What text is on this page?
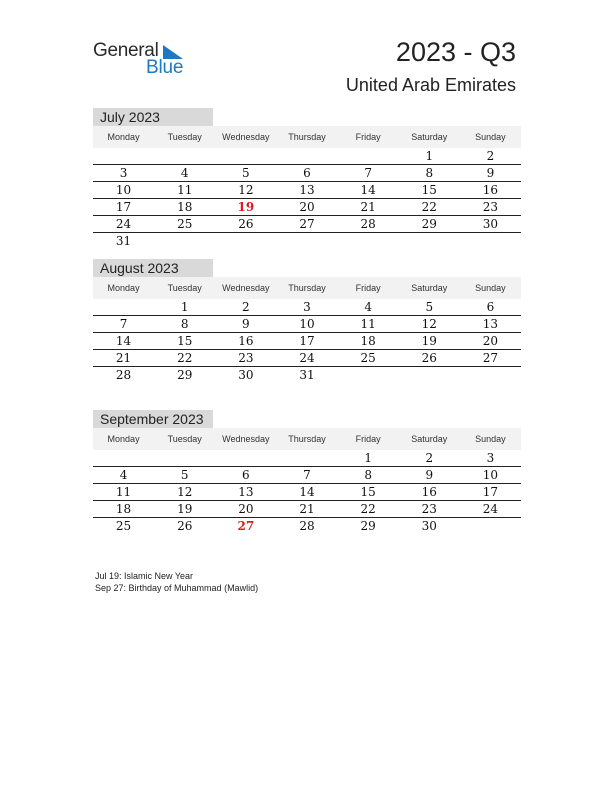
General
Blue
2023 - Q3
United Arab Emirates
July 2023
Monday	Tuesday	Wednesday	Thursday	Friday	Saturday	Sunday
					1	2
3	4	5	6	7	8	9
10	11	12	13	14	15	16
17	18	19	20	21	22	23
24	25	26	27	28	29	30
31						
August 2023
Monday	Tuesday	Wednesday	Thursday	Friday	Saturday	Sunday
	1	2	3	4	5	6
7	8	9	10	11	12	13
14	15	16	17	18	19	20
21	22	23	24	25	26	27
28	29	30	31			
September 2023
Monday	Tuesday	Wednesday	Thursday	Friday	Saturday	Sunday
				1	2	3
4	5	6	7	8	9	10
11	12	13	14	15	16	17
18	19	20	21	22	23	24
25	26	27	28	29	30	
Jul 19: Islamic New Year
Sep 27: Birthday of Muhammad (Mawlid)
